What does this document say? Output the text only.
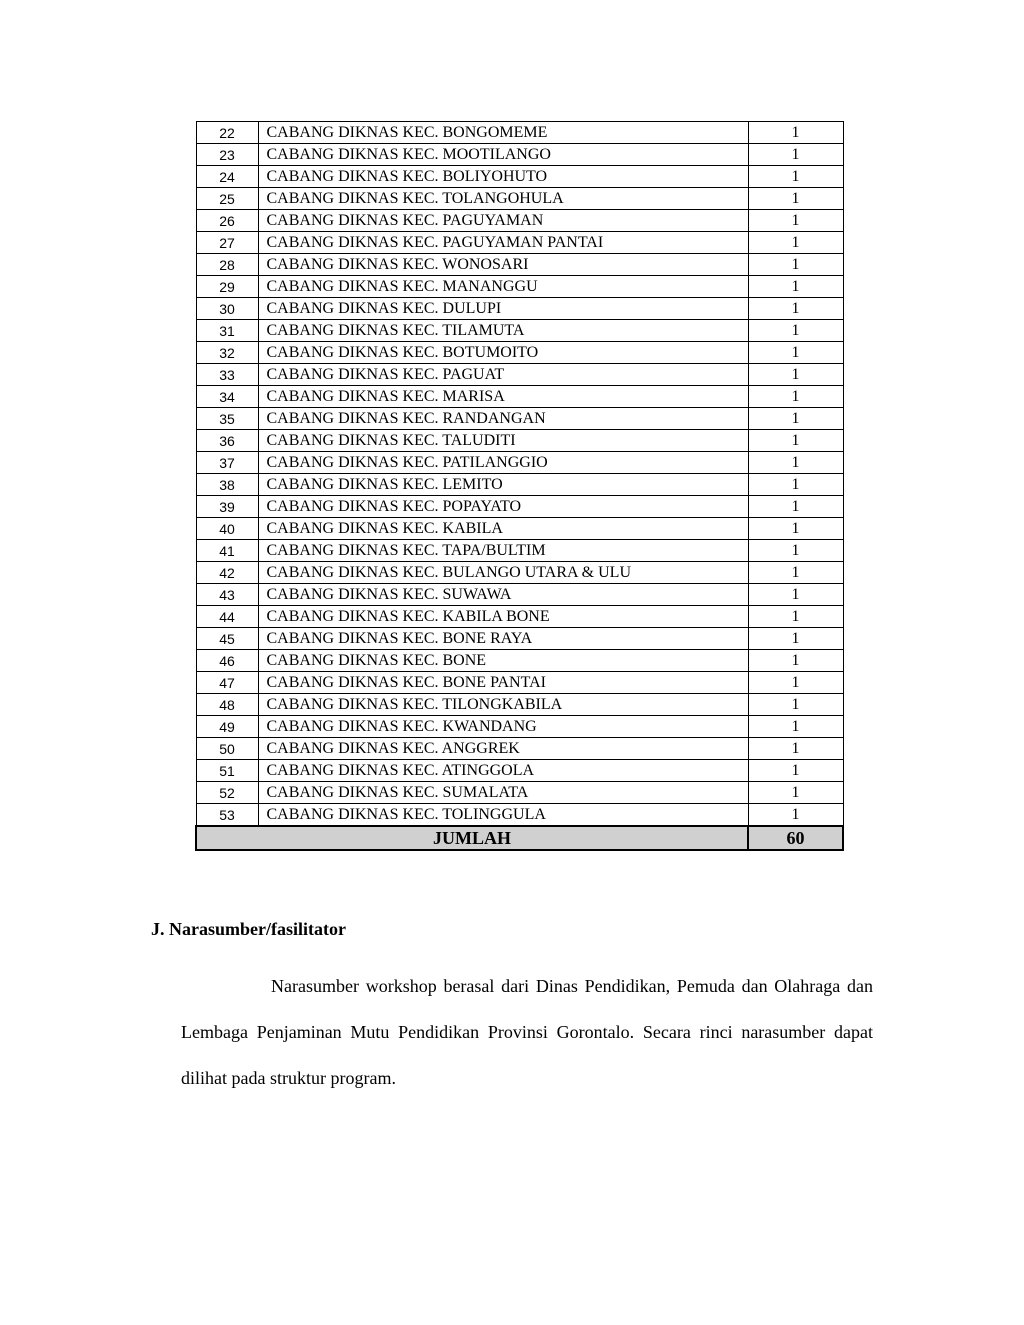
22	CABANG DIKNAS KEC. BONGOMEME	1
23	CABANG DIKNAS KEC. MOOTILANGO	1
24	CABANG DIKNAS KEC. BOLIYOHUTO	1
25	CABANG DIKNAS KEC. TOLANGOHULA	1
26	CABANG DIKNAS KEC. PAGUYAMAN	1
27	CABANG DIKNAS KEC. PAGUYAMAN PANTAI	1
28	CABANG DIKNAS KEC. WONOSARI	1
29	CABANG DIKNAS KEC. MANANGGU	1
30	CABANG DIKNAS KEC. DULUPI	1
31	CABANG DIKNAS KEC. TILAMUTA	1
32	CABANG DIKNAS KEC. BOTUMOITO	1
33	CABANG DIKNAS KEC. PAGUAT	1
34	CABANG DIKNAS KEC. MARISA	1
35	CABANG DIKNAS KEC. RANDANGAN	1
36	CABANG DIKNAS KEC. TALUDITI	1
37	CABANG DIKNAS KEC. PATILANGGIO	1
38	CABANG DIKNAS KEC. LEMITO	1
39	CABANG DIKNAS KEC. POPAYATO	1
40	CABANG DIKNAS KEC. KABILA	1
41	CABANG DIKNAS KEC. TAPA/BULTIM	1
42	CABANG DIKNAS KEC. BULANGO UTARA & ULU	1
43	CABANG DIKNAS KEC. SUWAWA	1
44	CABANG DIKNAS KEC. KABILA BONE	1
45	CABANG DIKNAS KEC. BONE RAYA	1
46	CABANG DIKNAS KEC. BONE	1
47	CABANG DIKNAS KEC. BONE PANTAI	1
48	CABANG DIKNAS KEC. TILONGKABILA	1
49	CABANG DIKNAS KEC. KWANDANG	1
50	CABANG DIKNAS KEC. ANGGREK	1
51	CABANG DIKNAS KEC. ATINGGOLA	1
52	CABANG DIKNAS KEC. SUMALATA	1
53	CABANG DIKNAS KEC. TOLINGGULA	1
JUMLAH		60
J. Narasumber/fasilitator

Narasumber workshop berasal dari Dinas Pendidikan, Pemuda dan Olahraga dan Lembaga Penjaminan Mutu Pendidikan Provinsi Gorontalo. Secara rinci narasumber dapat dilihat pada struktur program.
